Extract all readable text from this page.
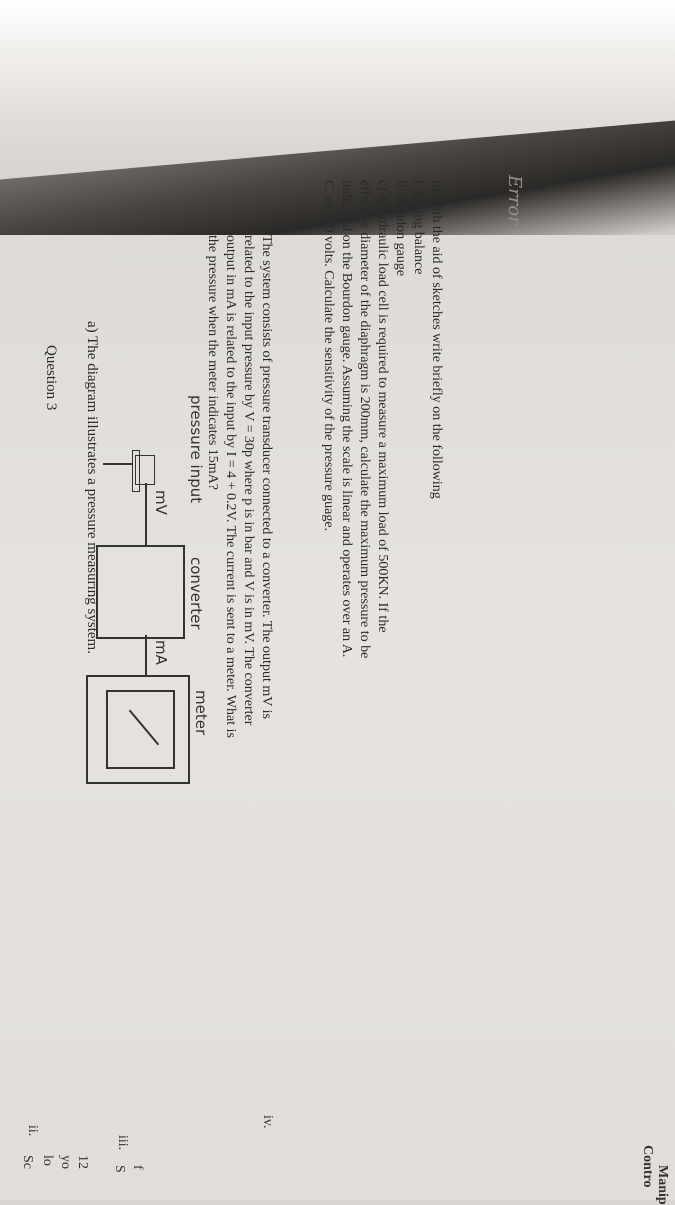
Question 3 a) The diagram illustrates a pressure measuring system.	mV
converter
mA
meter
pressure input	The system consists of pressure transducer connected to a converter. The output mV is
related to the input pressure by V = 30p where p is in bar and V is in mV. The converter
output in mA is related to the input by I = 4 + 0.2V. The current is sent to a meter. What is
the pressure when the meter indicates 15mA?	b) With the aid of sketches write briefly on the following
i. Spring balance
ii. Boudon gauge
c) A hydraulic load cell is required to measure a maximum load of 500KN. If the
effective diameter of the diaphragm is 200mm, calculate the maximum pressure to be
indicated on the Bourdon gauge. Assuming the scale is linear and operates over an A.
C. of 270 volts. Calculate the sensitivity of the pressure guage.	Error
ii.
Sc lo yo 12
iii.
S f
iv.
Contro Manip
